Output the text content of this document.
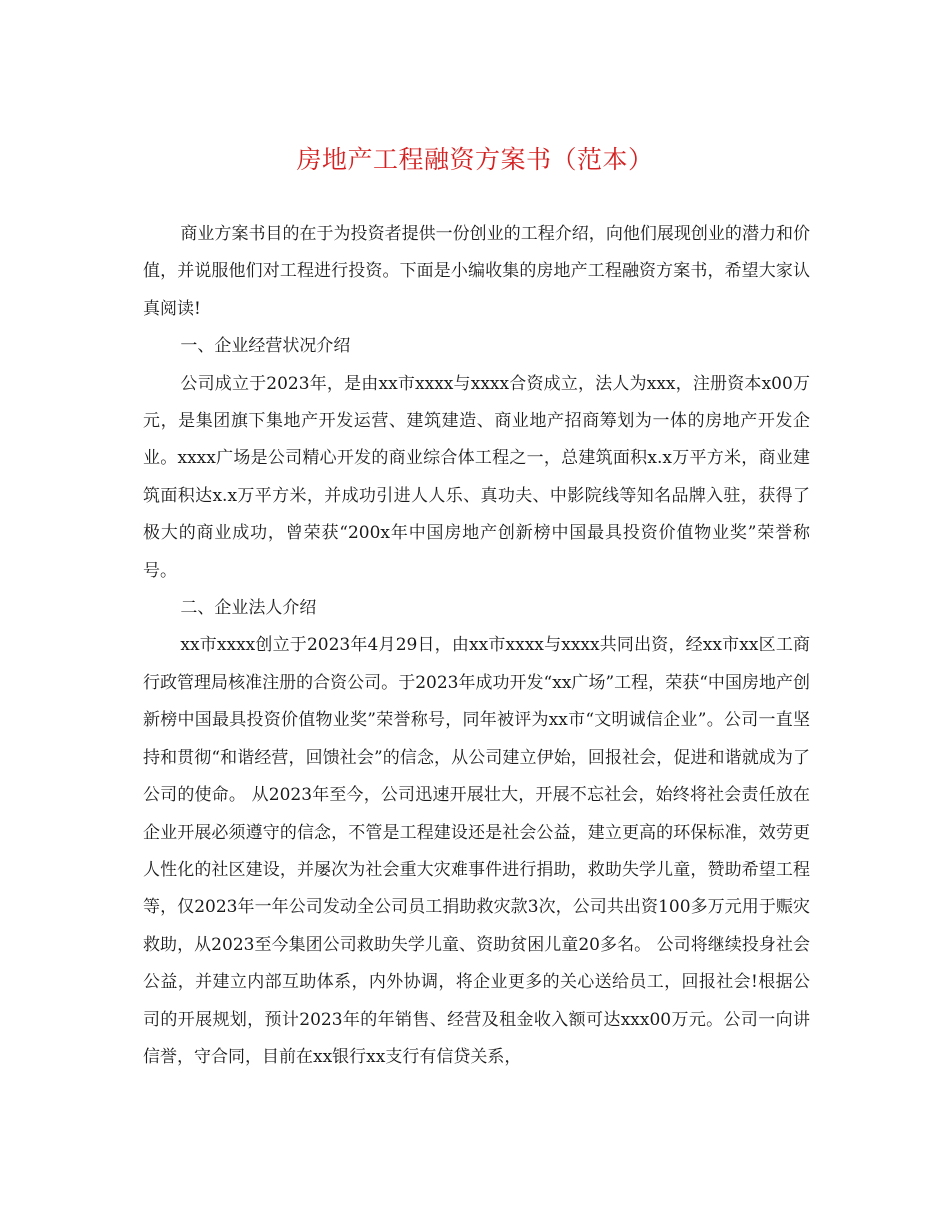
房地产工程融资方案书（范本）

商业方案书目的在于为投资者提供一份创业的工程介绍，向他们展现创业的潜力和价值，并说服他们对工程进行投资。下面是小编收集的房地产工程融资方案书，希望大家认真阅读!

一、企业经营状况介绍

公司成立于2023年，是由xx市xxxx与xxxx合资成立，法人为xxx，注册资本x00万元，是集团旗下集地产开发运营、建筑建造、商业地产招商筹划为一体的房地产开发企业。xxxx广场是公司精心开发的商业综合体工程之一，总建筑面积x.x万平方米，商业建筑面积达x.x万平方米，并成功引进人人乐、真功夫、中影院线等知名品牌入驻，获得了极大的商业成功，曾荣获“200x年中国房地产创新榜中国最具投资价值物业奖”荣誉称号。

二、企业法人介绍

xx市xxxx创立于2023年4月29日，由xx市xxxx与xxxx共同出资，经xx市xx区工商行政管理局核准注册的合资公司。于2023年成功开发“xx广场”工程，荣获“中国房地产创新榜中国最具投资价值物业奖”荣誉称号，同年被评为xx市“文明诚信企业”。公司一直坚持和贯彻“和谐经营，回馈社会”的信念，从公司建立伊始，回报社会，促进和谐就成为了公司的使命。 从2023年至今，公司迅速开展壮大，开展不忘社会，始终将社会责任放在企业开展必须遵守的信念，不管是工程建设还是社会公益，建立更高的环保标准，效劳更人性化的社区建设，并屡次为社会重大灾难事件进行捐助，救助失学儿童，赞助希望工程等，仅2023年一年公司发动全公司员工捐助救灾款3次，公司共出资100多万元用于赈灾救助，从2023至今集团公司救助失学儿童、资助贫困儿童20多名。 公司将继续投身社会公益，并建立内部互助体系，内外协调，将企业更多的关心送给员工，回报社会!根据公司的开展规划，预计2023年的年销售、经营及租金收入额可达xxx00万元。公司一向讲信誉，守合同，目前在xx银行xx支行有信贷关系，
